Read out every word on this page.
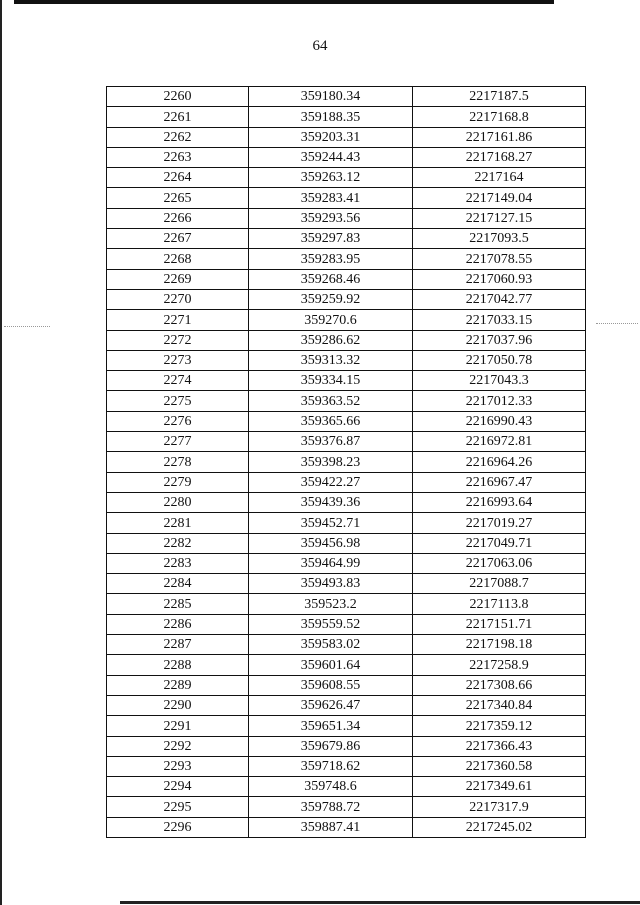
64
2260	359180.34	2217187.5
2261	359188.35	2217168.8
2262	359203.31	2217161.86
2263	359244.43	2217168.27
2264	359263.12	2217164
2265	359283.41	2217149.04
2266	359293.56	2217127.15
2267	359297.83	2217093.5
2268	359283.95	2217078.55
2269	359268.46	2217060.93
2270	359259.92	2217042.77
2271	359270.6	2217033.15
2272	359286.62	2217037.96
2273	359313.32	2217050.78
2274	359334.15	2217043.3
2275	359363.52	2217012.33
2276	359365.66	2216990.43
2277	359376.87	2216972.81
2278	359398.23	2216964.26
2279	359422.27	2216967.47
2280	359439.36	2216993.64
2281	359452.71	2217019.27
2282	359456.98	2217049.71
2283	359464.99	2217063.06
2284	359493.83	2217088.7
2285	359523.2	2217113.8
2286	359559.52	2217151.71
2287	359583.02	2217198.18
2288	359601.64	2217258.9
2289	359608.55	2217308.66
2290	359626.47	2217340.84
2291	359651.34	2217359.12
2292	359679.86	2217366.43
2293	359718.62	2217360.58
2294	359748.6	2217349.61
2295	359788.72	2217317.9
2296	359887.41	2217245.02
